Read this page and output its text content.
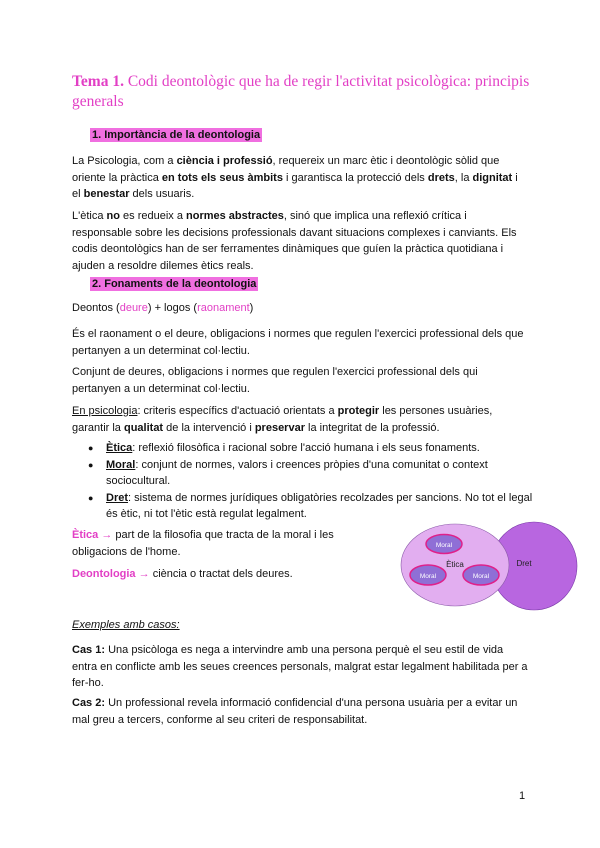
Tema 1. Codi deontològic que ha de regir l'activitat psicològica: principis generals
1. Importància de la deontologia
La Psicologia, com a ciència i professió, requereix un marc ètic i deontològic sòlid que oriente la pràctica en tots els seus àmbits i garantisca la protecció dels drets, la dignitat i el benestar dels usuaris.
L'ètica no es redueix a normes abstractes, sinó que implica una reflexió crítica i responsable sobre les decisions professionals davant situacions complexes i canviants. Els codis deontològics han de ser ferramentes dinàmiques que guíen la pràctica quotidiana i ajuden a resoldre dilemes ètics reals.
2. Fonaments de la deontologia
Deontos (deure) + logos (raonament)
És el raonament o el deure, obligacions i normes que regulen l'exercici professional dels que pertanyen a un determinat col·lectiu.
Conjunt de deures, obligacions i normes que regulen l'exercici professional dels qui pertanyen a un determinat col·lectiu.
En psicologia: criteris específics d'actuació orientats a protegir les persones usuàries, garantir la qualitat de la intervenció i preservar la integritat de la professió.
● Ètica: reflexió filosòfica i racional sobre l'acció humana i els seus fonaments.
● Moral: conjunt de normes, valors i creences pròpies d'una comunitat o context sociocultural.
● Dret: sistema de normes jurídiques obligatòries recolzades per sancions. No tot el legal és ètic, ni tot l'ètic està regulat legalment.
Ètica → part de la filosofia que tracta de la moral i les obligacions de l'home.
Deontologia → ciència o tractat dels deures.
Moral
Moral	Moral
Ètica	Dret
Exemples amb casos:
Cas 1: Una psicòloga es nega a intervindre amb una persona perquè el seu estil de vida entra en conflicte amb les seues creences personals, malgrat estar legalment habilitada per a fer-ho.
Cas 2: Un professional revela informació confidencial d'una persona usuària per a evitar un mal greu a tercers, conforme al seu criteri de responsabilitat.
1
